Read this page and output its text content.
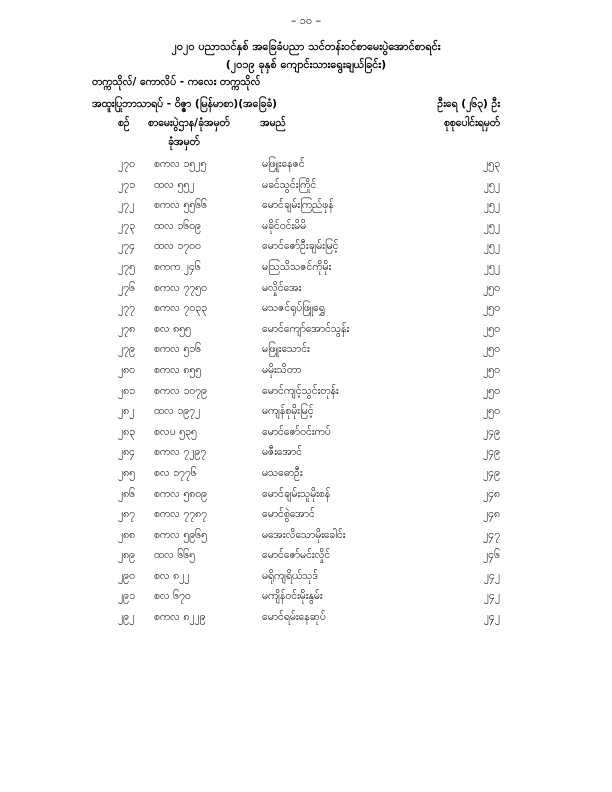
– ၁၀ –
၂၀၂၀ ပညာသင်နှစ် အခြေခံပညာ သင်တန်းဝင်စာမေးပွဲအောင်စာရင်း
(၂၀၁၉ ခုနှစ် ကျောင်းသားရွေးချယ်ခြင်း)
တက္ကသိုလ်/ ကောလိပ် - ကလေး တက္ကသိုလ်
အထူးပြုဘာသာရပ် - ဝိဇ္ဇာ (မြန်မာစာ)(အခြေခံ)	ဦးရေ (၂၆၃) ဦး
စဉ် စာမေးပွဲဌာန/ခုံအမှတ်	အမည်	စုစုပေါင်းရမှတ်
ခုံအမှတ်
၂၇၀ စကလ ၁၅၂၅	မဖြူးနေဇင်	၂၅၃
၂၇၁ ထလ ၅၅၂	မခင်သွင်းကြိုင်	၂၅၂
၂၇၂ စကလ ၅၅၆၆	မောင်ချမ်းကြည်ဖုန်	၂၅၂
၂၇၃ ထလ ၁၆၀၉	မခိုင်ဝင်းမိမိ	၂၅၂
၂၇၄ ထလ ၁၇၀၀	မောင်ဇော်ဦးချမ်းမြင့်	၂၅၂
၂၇၅ စကက ၂၄၆	မသြသိသဇင်ကိုမိုး	၂၅၂
၂၇၆ စကလ ၇၇၅၀	မလှိုင်အေး	၂၅၀
၂၇၇ စကလ ၇၀၃၃	မသဇင်ရုပ်ဖြူရွှေ	၂၅၀
၂၇၈ စလ ၈၅၅	မောင်ကျော်အောင်သွန်း	၂၅၀
၂၇၉ စကလ ၅၁၆	မဖြူးသောင်း	၂၅၀
၂၈၀ စကလ ၈၅၅	မမိုးသိတာ	၂၅၀
၂၈၁ စကလ ၁၀၇၉	မောင်ကျင့်သွင်းတုန်း	၂၅၀
၂၈၂ ထလ ၁၉၇၂	မကျန်စုမိုးမြင့်	၂၅၀
၂၈၃ စလပ ၅၃၅	မောင်ဇော်ဝင်းကပ်	၂၄၉
၂၈၄ စကလ ၇၂၉၇	မဇီးအောင်	၂၄၉
၂၈၅ စလ ၁၇၇၆	မသဓောဦး	၂၄၉
၂၈၆ စကလ ၅၈၀၉	မောင်ချမ်းသူမိုးစန်	၂၄၈
၂၈၇ စကလ ၇၇၈၇	မောင်စွဲအောင်	၂၄၈
၂၈၈ စကလ ၅၉၆၅	မအေးလိသောမိုးခေါင်း	၂၄၇
၂၈၉ ထလ ၆၆၅	မောင်ဇော်မင်းလှိုင်	၂၄၆
၂၉၀ စလ ၈၂၂	မရိုကျရိယ်သုဒ်	၂၄၂
၂၉၁ စလ ၆၇၀	မကျိန်ဝင်းမိုးနွမ်း	၂၄၂
၂၉၂ စကလ ၈၂၂၉	မောင်ရမ်းနေဆုပ်	၂၄၂
